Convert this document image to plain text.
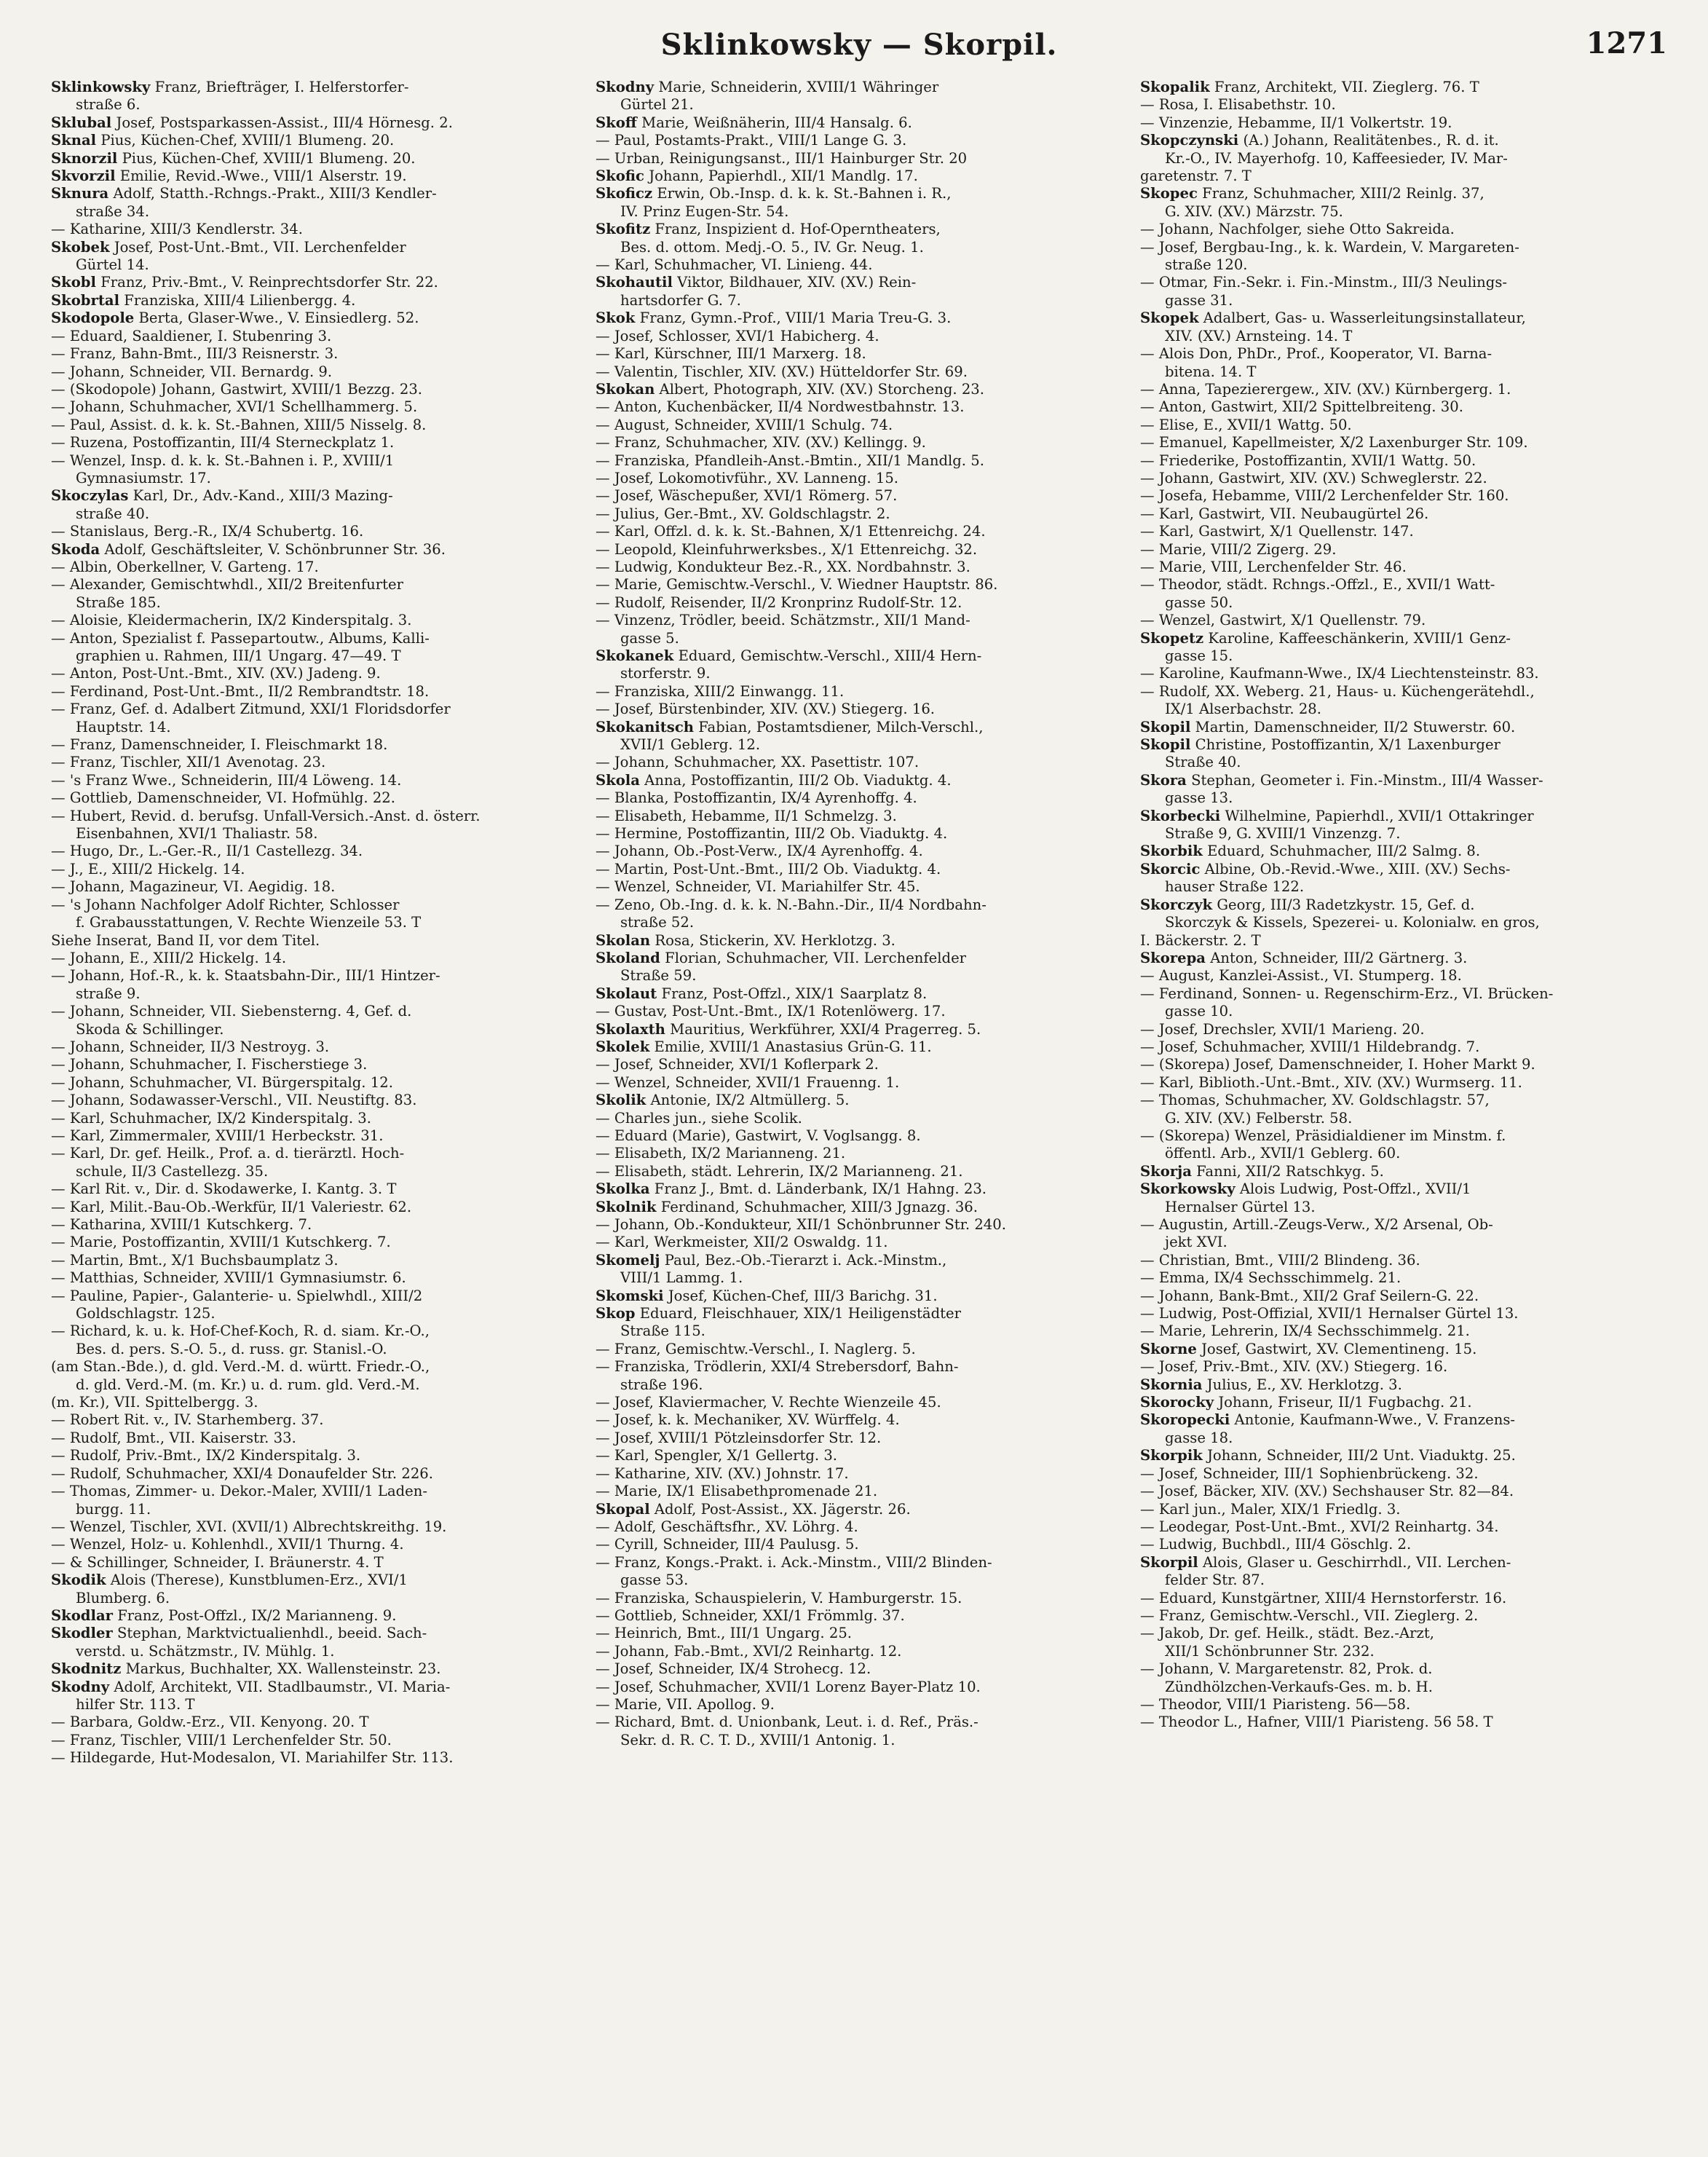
Sklinkowsky — Skorpil.	1271
Sklinkowsky Franz, Briefträger, I. Helferstorfer-
straße 6.
Sklubal Josef, Postsparkassen-Assist., III/4 Hörnesg. 2.
Sknal Pius, Küchen-Chef, XVIII/1 Blumeng. 20.
Sknorzil Pius, Küchen-Chef, XVIII/1 Blumeng. 20.
Skvorzil Emilie, Revid.-Wwe., VIII/1 Alserstr. 19.
Sknura Adolf, Statth.-Rchngs.-Prakt., XIII/3 Kendler-
straße 34.
— Katharine, XIII/3 Kendlerstr. 34.
Skobek Josef, Post-Unt.-Bmt., VII. Lerchenfelder
Gürtel 14.
Skobl Franz, Priv.-Bmt., V. Reinprechtsdorfer Str. 22.
Skobrtal Franziska, XIII/4 Lilienbergg. 4.
Skodopole Berta, Glaser-Wwe., V. Einsiedlerg. 52.
— Eduard, Saaldiener, I. Stubenring 3.
— Franz, Bahn-Bmt., III/3 Reisnerstr. 3.
— Johann, Schneider, VII. Bernardg. 9.
— (Skodopole) Johann, Gastwirt, XVIII/1 Bezzg. 23.
— Johann, Schuhmacher, XVI/1 Schellhammerg. 5.
— Paul, Assist. d. k. k. St.-Bahnen, XIII/5 Nisselg. 8.
— Ruzena, Postoffizantin, III/4 Sterneckplatz 1.
— Wenzel, Insp. d. k. k. St.-Bahnen i. P., XVIII/1
Gymnasiumstr. 17.
Skoczylas Karl, Dr., Adv.-Kand., XIII/3 Mazing-
straße 40.
— Stanislaus, Berg.-R., IX/4 Schubertg. 16.
Skoda Adolf, Geschäftsleiter, V. Schönbrunner Str. 36.
— Albin, Oberkellner, V. Garteng. 17.
— Alexander, Gemischtwhdl., XII/2 Breitenfurter
Straße 185.
— Aloisie, Kleidermacherin, IX/2 Kinderspitalg. 3.
— Anton, Spezialist f. Passepartoutw., Albums, Kalli-
graphien u. Rahmen, III/1 Ungarg. 47—49. T
— Anton, Post-Unt.-Bmt., XIV. (XV.) Jadeng. 9.
— Ferdinand, Post-Unt.-Bmt., II/2 Rembrandtstr. 18.
— Franz, Gef. d. Adalbert Zitmund, XXI/1 Floridsdorfer
Hauptstr. 14.
— Franz, Damenschneider, I. Fleischmarkt 18.
— Franz, Tischler, XII/1 Avenotag. 23.
— 's Franz Wwe., Schneiderin, III/4 Löweng. 14.
— Gottlieb, Damenschneider, VI. Hofmühlg. 22.
— Hubert, Revid. d. berufsg. Unfall-Versich.-Anst. d. österr.
Eisenbahnen, XVI/1 Thaliastr. 58.
— Hugo, Dr., L.-Ger.-R., II/1 Castellezg. 34.
— J., E., XIII/2 Hickelg. 14.
— Johann, Magazineur, VI. Aegidig. 18.
— 's Johann Nachfolger Adolf Richter, Schlosser
f. Grabausstattungen, V. Rechte Wienzeile 53. T
Siehe Inserat, Band II, vor dem Titel.
— Johann, E., XIII/2 Hickelg. 14.
— Johann, Hof.-R., k. k. Staatsbahn-Dir., III/1 Hintzer-
straße 9.
— Johann, Schneider, VII. Siebensterng. 4, Gef. d.
Skoda & Schillinger.
— Johann, Schneider, II/3 Nestroyg. 3.
— Johann, Schuhmacher, I. Fischerstiege 3.
— Johann, Schuhmacher, VI. Bürgerspitalg. 12.
— Johann, Sodawasser-Verschl., VII. Neustiftg. 83.
— Karl, Schuhmacher, IX/2 Kinderspitalg. 3.
— Karl, Zimmermaler, XVIII/1 Herbeckstr. 31.
— Karl, Dr. gef. Heilk., Prof. a. d. tierärztl. Hoch-
schule, II/3 Castellezg. 35.
— Karl Rit. v., Dir. d. Skodawerke, I. Kantg. 3. T
— Karl, Milit.-Bau-Ob.-Werkfür, II/1 Valeriestr. 62.
— Katharina, XVIII/1 Kutschkerg. 7.
— Marie, Postoffizantin, XVIII/1 Kutschkerg. 7.
— Martin, Bmt., X/1 Buchsbaumplatz 3.
— Matthias, Schneider, XVIII/1 Gymnasiumstr. 6.
— Pauline, Papier-, Galanterie- u. Spielwhdl., XIII/2
Goldschlagstr. 125.
— Richard, k. u. k. Hof-Chef-Koch, R. d. siam. Kr.-O.,
Bes. d. pers. S.-O. 5., d. russ. gr. Stanisl.-O.
(am Stan.-Bde.), d. gld. Verd.-M. d. württ. Friedr.-O.,
d. gld. Verd.-M. (m. Kr.) u. d. rum. gld. Verd.-M.
(m. Kr.), VII. Spittelbergg. 3.
— Robert Rit. v., IV. Starhemberg. 37.
— Rudolf, Bmt., VII. Kaiserstr. 33.
— Rudolf, Priv.-Bmt., IX/2 Kinderspitalg. 3.
— Rudolf, Schuhmacher, XXI/4 Donaufelder Str. 226.
— Thomas, Zimmer- u. Dekor.-Maler, XVIII/1 Laden-
burgg. 11.
— Wenzel, Tischler, XVI. (XVII/1) Albrechtskreithg. 19.
— Wenzel, Holz- u. Kohlenhdl., XVII/1 Thurng. 4.
— & Schillinger, Schneider, I. Bräunerstr. 4. T
Skodik Alois (Therese), Kunstblumen-Erz., XVI/1
Blumberg. 6.
Skodlar Franz, Post-Offzl., IX/2 Marianneng. 9.
Skodler Stephan, Marktvictualienhdl., beeid. Sach-
verstd. u. Schätzmstr., IV. Mühlg. 1.
Skodnitz Markus, Buchhalter, XX. Wallensteinstr. 23.
Skodny Adolf, Architekt, VII. Stadlbaumstr., VI. Maria-
hilfer Str. 113. T
— Barbara, Goldw.-Erz., VII. Kenyong. 20. T
— Franz, Tischler, VIII/1 Lerchenfelder Str. 50.
— Hildegarde, Hut-Modesalon, VI. Mariahilfer Str. 113.
Skodny Marie, Schneiderin, XVIII/1 Währinger
Gürtel 21.
Skoff Marie, Weißnäherin, III/4 Hansalg. 6.
— Paul, Postamts-Prakt., VIII/1 Lange G. 3.
— Urban, Reinigungsanst., III/1 Hainburger Str. 20
Skofic Johann, Papierhdl., XII/1 Mandlg. 17.
Skoficz Erwin, Ob.-Insp. d. k. k. St.-Bahnen i. R.,
IV. Prinz Eugen-Str. 54.
Skofitz Franz, Inspizient d. Hof-Operntheaters,
Bes. d. ottom. Medj.-O. 5., IV. Gr. Neug. 1.
— Karl, Schuhmacher, VI. Linieng. 44.
Skohautil Viktor, Bildhauer, XIV. (XV.) Rein-
hartsdorfer G. 7.
Skok Franz, Gymn.-Prof., VIII/1 Maria Treu-G. 3.
— Josef, Schlosser, XVI/1 Habicherg. 4.
— Karl, Kürschner, III/1 Marxerg. 18.
— Valentin, Tischler, XIV. (XV.) Hütteldorfer Str. 69.
Skokan Albert, Photograph, XIV. (XV.) Storcheng. 23.
— Anton, Kuchenbäcker, II/4 Nordwestbahnstr. 13.
— August, Schneider, XVIII/1 Schulg. 74.
— Franz, Schuhmacher, XIV. (XV.) Kellingg. 9.
— Franziska, Pfandleih-Anst.-Bmtin., XII/1 Mandlg. 5.
— Josef, Lokomotivführ., XV. Lanneng. 15.
— Josef, Wäschepußer, XVI/1 Römerg. 57.
— Julius, Ger.-Bmt., XV. Goldschlagstr. 2.
— Karl, Offzl. d. k. k. St.-Bahnen, X/1 Ettenreichg. 24.
— Leopold, Kleinfuhrwerksbes., X/1 Ettenreichg. 32.
— Ludwig, Kondukteur Bez.-R., XX. Nordbahnstr. 3.
— Marie, Gemischtw.-Verschl., V. Wiedner Hauptstr. 86.
— Rudolf, Reisender, II/2 Kronprinz Rudolf-Str. 12.
— Vinzenz, Trödler, beeid. Schätzmstr., XII/1 Mand-
gasse 5.
Skokanek Eduard, Gemischtw.-Verschl., XIII/4 Hern-
storferstr. 9.
— Franziska, XIII/2 Einwangg. 11.
— Josef, Bürstenbinder, XIV. (XV.) Stiegerg. 16.
Skokanitsch Fabian, Postamtsdiener, Milch-Verschl.,
XVII/1 Geblerg. 12.
— Johann, Schuhmacher, XX. Pasettistr. 107.
Skola Anna, Postoffizantin, III/2 Ob. Viaduktg. 4.
— Blanka, Postoffizantin, IX/4 Ayrenhoffg. 4.
— Elisabeth, Hebamme, II/1 Schmelzg. 3.
— Hermine, Postoffizantin, III/2 Ob. Viaduktg. 4.
— Johann, Ob.-Post-Verw., IX/4 Ayrenhoffg. 4.
— Martin, Post-Unt.-Bmt., III/2 Ob. Viaduktg. 4.
— Wenzel, Schneider, VI. Mariahilfer Str. 45.
— Zeno, Ob.-Ing. d. k. k. N.-Bahn.-Dir., II/4 Nordbahn-
straße 52.
Skolan Rosa, Stickerin, XV. Herklotzg. 3.
Skoland Florian, Schuhmacher, VII. Lerchenfelder
Straße 59.
Skolaut Franz, Post-Offzl., XIX/1 Saarplatz 8.
— Gustav, Post-Unt.-Bmt., IX/1 Rotenlöwerg. 17.
Skolaxth Mauritius, Werkführer, XXI/4 Pragerreg. 5.
Skolek Emilie, XVIII/1 Anastasius Grün-G. 11.
— Josef, Schneider, XVI/1 Koflerpark 2.
— Wenzel, Schneider, XVII/1 Frauenng. 1.
Skolik Antonie, IX/2 Altmüllerg. 5.
— Charles jun., siehe Scolik.
— Eduard (Marie), Gastwirt, V. Voglsangg. 8.
— Elisabeth, IX/2 Marianneng. 21.
— Elisabeth, städt. Lehrerin, IX/2 Marianneng. 21.
Skolka Franz J., Bmt. d. Länderbank, IX/1 Hahng. 23.
Skolnik Ferdinand, Schuhmacher, XIII/3 Jgnazg. 36.
— Johann, Ob.-Kondukteur, XII/1 Schönbrunner Str. 240.
— Karl, Werkmeister, XII/2 Oswaldg. 11.
Skomelj Paul, Bez.-Ob.-Tierarzt i. Ack.-Minstm.,
VIII/1 Lammg. 1.
Skomski Josef, Küchen-Chef, III/3 Barichg. 31.
Skop Eduard, Fleischhauer, XIX/1 Heiligenstädter
Straße 115.
— Franz, Gemischtw.-Verschl., I. Naglerg. 5.
— Franziska, Trödlerin, XXI/4 Strebersdorf, Bahn-
straße 196.
— Josef, Klaviermacher, V. Rechte Wienzeile 45.
— Josef, k. k. Mechaniker, XV. Würffelg. 4.
— Josef, XVIII/1 Pötzleinsdorfer Str. 12.
— Karl, Spengler, X/1 Gellertg. 3.
— Katharine, XIV. (XV.) Johnstr. 17.
— Marie, IX/1 Elisabethpromenade 21.
Skopal Adolf, Post-Assist., XX. Jägerstr. 26.
— Adolf, Geschäftsfhr., XV. Löhrg. 4.
— Cyrill, Schneider, III/4 Paulusg. 5.
— Franz, Kongs.-Prakt. i. Ack.-Minstm., VIII/2 Blinden-
gasse 53.
— Franziska, Schauspielerin, V. Hamburgerstr. 15.
— Gottlieb, Schneider, XXI/1 Frömmlg. 37.
— Heinrich, Bmt., III/1 Ungarg. 25.
— Johann, Fab.-Bmt., XVI/2 Reinhartg. 12.
— Josef, Schneider, IX/4 Strohecg. 12.
— Josef, Schuhmacher, XVII/1 Lorenz Bayer-Platz 10.
— Marie, VII. Apollog. 9.
— Richard, Bmt. d. Unionbank, Leut. i. d. Ref., Präs.-
Sekr. d. R. C. T. D., XVIII/1 Antonig. 1.
Skopalik Franz, Architekt, VII. Zieglerg. 76. T
— Rosa, I. Elisabethstr. 10.
— Vinzenzie, Hebamme, II/1 Volkertstr. 19.
Skopczynski (A.) Johann, Realitätenbes., R. d. it.
Kr.-O., IV. Mayerhofg. 10, Kaffeesieder, IV. Mar-
garetenstr. 7. T
Skopec Franz, Schuhmacher, XIII/2 Reinlg. 37,
G. XIV. (XV.) Märzstr. 75.
— Johann, Nachfolger, siehe Otto Sakreida.
— Josef, Bergbau-Ing., k. k. Wardein, V. Margareten-
straße 120.
— Otmar, Fin.-Sekr. i. Fin.-Minstm., III/3 Neulings-
gasse 31.
Skopek Adalbert, Gas- u. Wasserleitungsinstallateur,
XIV. (XV.) Arnsteing. 14. T
— Alois Don, PhDr., Prof., Kooperator, VI. Barna-
bitena. 14. T
— Anna, Tapezierergew., XIV. (XV.) Kürnbergerg. 1.
— Anton, Gastwirt, XII/2 Spittelbreiteng. 30.
— Elise, E., XVII/1 Wattg. 50.
— Emanuel, Kapellmeister, X/2 Laxenburger Str. 109.
— Friederike, Postoffizantin, XVII/1 Wattg. 50.
— Johann, Gastwirt, XIV. (XV.) Schweglerstr. 22.
— Josefa, Hebamme, VIII/2 Lerchenfelder Str. 160.
— Karl, Gastwirt, VII. Neubaugürtel 26.
— Karl, Gastwirt, X/1 Quellenstr. 147.
— Marie, VIII/2 Zigerg. 29.
— Marie, VIII, Lerchenfelder Str. 46.
— Theodor, städt. Rchngs.-Offzl., E., XVII/1 Watt-
gasse 50.
— Wenzel, Gastwirt, X/1 Quellenstr. 79.
Skopetz Karoline, Kaffeeschänkerin, XVIII/1 Genz-
gasse 15.
— Karoline, Kaufmann-Wwe., IX/4 Liechtensteinstr. 83.
— Rudolf, XX. Weberg. 21, Haus- u. Küchengerätehdl.,
IX/1 Alserbachstr. 28.
Skopil Martin, Damenschneider, II/2 Stuwerstr. 60.
Skopil Christine, Postoffizantin, X/1 Laxenburger
Straße 40.
Skora Stephan, Geometer i. Fin.-Minstm., III/4 Wasser-
gasse 13.
Skorbecki Wilhelmine, Papierhdl., XVII/1 Ottakringer
Straße 9, G. XVIII/1 Vinzenzg. 7.
Skorbik Eduard, Schuhmacher, III/2 Salmg. 8.
Skorcic Albine, Ob.-Revid.-Wwe., XIII. (XV.) Sechs-
hauser Straße 122.
Skorczyk Georg, III/3 Radetzkystr. 15, Gef. d.
Skorczyk & Kissels, Spezerei- u. Kolonialw. en gros,
I. Bäckerstr. 2. T
Skorepa Anton, Schneider, III/2 Gärtnerg. 3.
— August, Kanzlei-Assist., VI. Stumperg. 18.
— Ferdinand, Sonnen- u. Regenschirm-Erz., VI. Brücken-
gasse 10.
— Josef, Drechsler, XVII/1 Marieng. 20.
— Josef, Schuhmacher, XVIII/1 Hildebrandg. 7.
— (Skorepa) Josef, Damenschneider, I. Hoher Markt 9.
— Karl, Biblioth.-Unt.-Bmt., XIV. (XV.) Wurmserg. 11.
— Thomas, Schuhmacher, XV. Goldschlagstr. 57,
G. XIV. (XV.) Felberstr. 58.
— (Skorepa) Wenzel, Präsidialdiener im Minstm. f.
öffentl. Arb., XVII/1 Geblerg. 60.
Skorja Fanni, XII/2 Ratschkyg. 5.
Skorkowsky Alois Ludwig, Post-Offzl., XVII/1
Hernalser Gürtel 13.
— Augustin, Artill.-Zeugs-Verw., X/2 Arsenal, Ob-
jekt XVI.
— Christian, Bmt., VIII/2 Blindeng. 36.
— Emma, IX/4 Sechsschimmelg. 21.
— Johann, Bank-Bmt., XII/2 Graf Seilern-G. 22.
— Ludwig, Post-Offizial, XVII/1 Hernalser Gürtel 13.
— Marie, Lehrerin, IX/4 Sechsschimmelg. 21.
Skorne Josef, Gastwirt, XV. Clementineng. 15.
— Josef, Priv.-Bmt., XIV. (XV.) Stiegerg. 16.
Skornia Julius, E., XV. Herklotzg. 3.
Skorocky Johann, Friseur, II/1 Fugbachg. 21.
Skoropecki Antonie, Kaufmann-Wwe., V. Franzens-
gasse 18.
Skorpik Johann, Schneider, III/2 Unt. Viaduktg. 25.
— Josef, Schneider, III/1 Sophienbrückeng. 32.
— Josef, Bäcker, XIV. (XV.) Sechshauser Str. 82—84.
— Karl jun., Maler, XIX/1 Friedlg. 3.
— Leodegar, Post-Unt.-Bmt., XVI/2 Reinhartg. 34.
— Ludwig, Buchbdl., III/4 Göschlg. 2.
Skorpil Alois, Glaser u. Geschirrhdl., VII. Lerchen-
felder Str. 87.
— Eduard, Kunstgärtner, XIII/4 Hernstorferstr. 16.
— Franz, Gemischtw.-Verschl., VII. Zieglerg. 2.
— Jakob, Dr. gef. Heilk., städt. Bez.-Arzt,
XII/1 Schönbrunner Str. 232.
— Johann, V. Margaretenstr. 82, Prok. d.
Zündhölzchen-Verkaufs-Ges. m. b. H.
— Theodor, VIII/1 Piaristeng. 56—58.
— Theodor L., Hafner, VIII/1 Piaristeng. 56 58. T
